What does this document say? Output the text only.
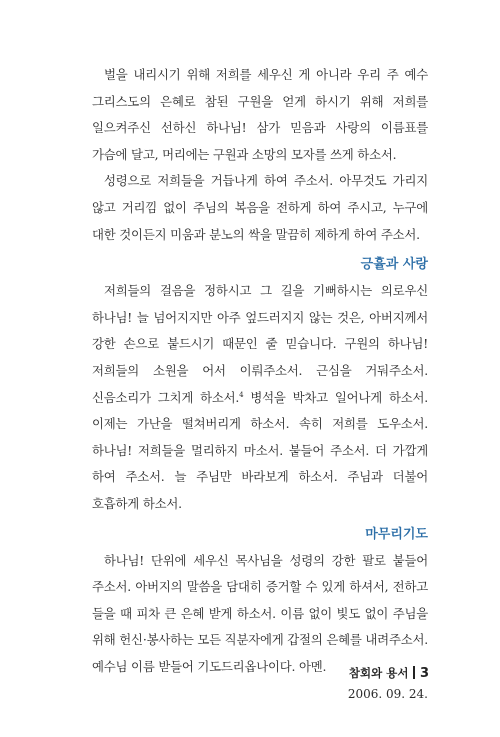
벌을 내리시기 위해 저희를 세우신 게 아니라 우리 주 예수 그리스도의 은혜로 참된 구원을 얻게 하시기 위해 저희를 일으켜주신 선하신 하나님! 삼가 믿음과 사랑의 이름표를 가슴에 달고, 머리에는 구원과 소망의 모자를 쓰게 하소서.

성령으로 저희들을 거듭나게 하여 주소서. 아무것도 가리지 않고 거리낌 없이 주님의 복음을 전하게 하여 주시고, 누구에 대한 것이든지 미움과 분노의 싹을 말끔히 제하게 하여 주소서.

긍휼과 사랑

저희들의 걸음을 정하시고 그 길을 기뻐하시는 의로우신 하나님! 늘 넘어지지만 아주 엎드러지지 않는 것은, 아버지께서 강한 손으로 붙드시기 때문인 줄 믿습니다. 구원의 하나님! 저희들의 소원을 어서 이뤄주소서. 근심을 거둬주소서. 신음소리가 그치게 하소서.$^4$ 병석을 박차고 일어나게 하소서. 이제는 가난을 떨쳐버리게 하소서. 속히 저희를 도우소서. 하나님! 저희들을 멀리하지 마소서. 붙들어 주소서. 더 가깝게 하여 주소서. 늘 주님만 바라보게 하소서. 주님과 더불어 호흡하게 하소서.

마무리기도

하나님! 단위에 세우신 목사님을 성령의 강한 팔로 붙들어 주소서. 아버지의 말씀을 담대히 증거할 수 있게 하셔서, 전하고 들을 때 피차 큰 은혜 받게 하소서. 이름 없이 빛도 없이 주님을 위해 헌신·봉사하는 모든 직분자에게 갑절의 은혜를 내려주소서. 예수님 이름 받들어 기도드리옵나이다. 아멘.

2006. 09. 24.

참회와 용서 3
